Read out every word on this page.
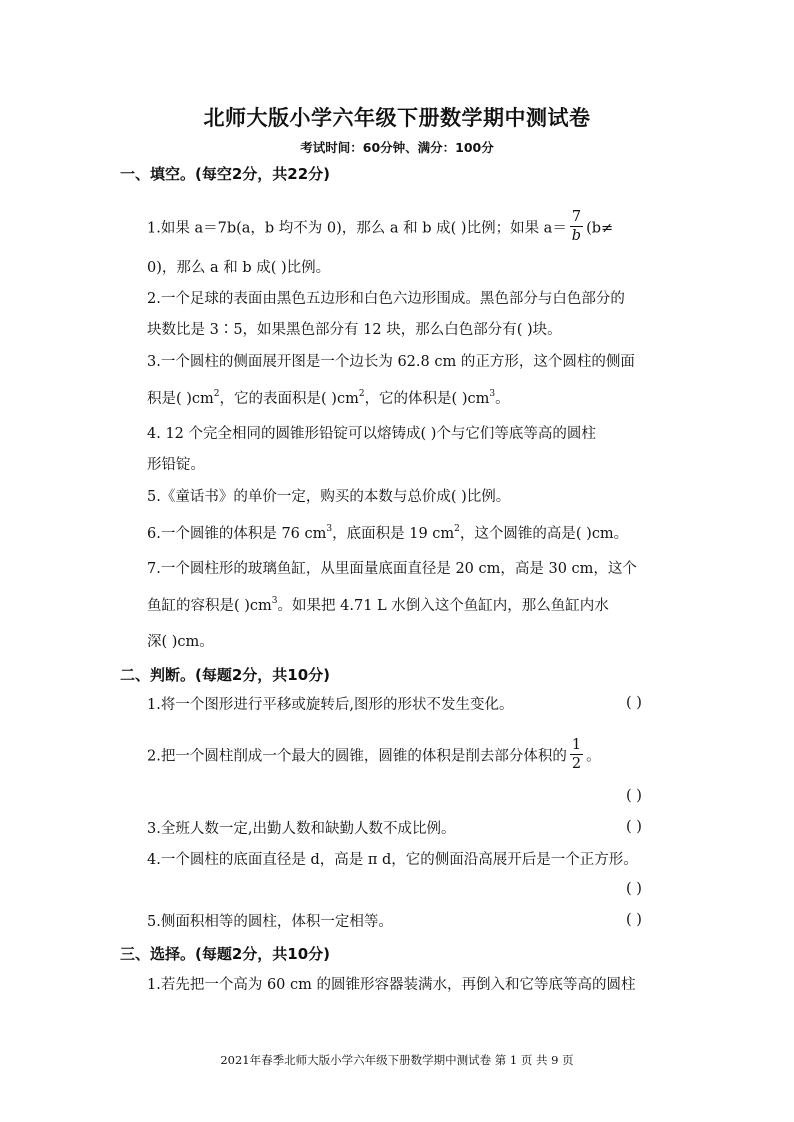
北师大版小学六年级下册数学期中测试卷
考试时间：60分钟、满分：100分
一、填空。(每空2分，共22分)
1.如果 a＝7b(a，b 均不为 0)，那么 a 和 b 成( )比例；如果 $a= \frac{7}{b} (b\ne$
0)，那么 a 和 b 成( )比例。
2.一个足球的表面由黑色五边形和白色六边形围成。黑色部分与白色部分的
块数比是 3∶5，如果黑色部分有 12 块，那么白色部分有( )块。
3.一个圆柱的侧面展开图是一个边长为 62.8 cm 的正方形，这个圆柱的侧面
积是( )$cm^2$，它的表面积是( )$cm^2$，它的体积是( )$cm^3$。
4. 12 个完全相同的圆锥形铅锭可以熔铸成( )个与它们等底等高的圆柱
形铅锭。
5.《童话书》的单价一定，购买的本数与总价成( )比例。
6.一个圆锥的体积是 76 $cm^3$，底面积是 19 $cm^2$，这个圆锥的高是( )cm。
7.一个圆柱形的玻璃鱼缸，从里面量底面直径是 20 cm，高是 30 cm，这个
鱼缸的容积是( )$cm^3$。如果把 4.71 L 水倒入这个鱼缸内，那么鱼缸内水
深( )cm。
二、判断。(每题2分，共10分)
1.将一个图形进行平移或旋转后,图形的形状不发生变化。	( )
2.把一个圆柱削成一个最大的圆锥，圆锥的体积是削去部分体积的 $\frac{1}{2}$ 。
( )
3.全班人数一定,出勤人数和缺勤人数不成比例。	( )
4.一个圆柱的底面直径是 d，高是 π d，它的侧面沿高展开后是一个正方形。
( )
5.侧面积相等的圆柱，体积一定相等。	( )
三、选择。(每题2分，共10分)
1.若先把一个高为 60 cm 的圆锥形容器装满水，再倒入和它等底等高的圆柱
2021年春季北师大版小学六年级下册数学期中测试卷 第 1 页 共 9 页
